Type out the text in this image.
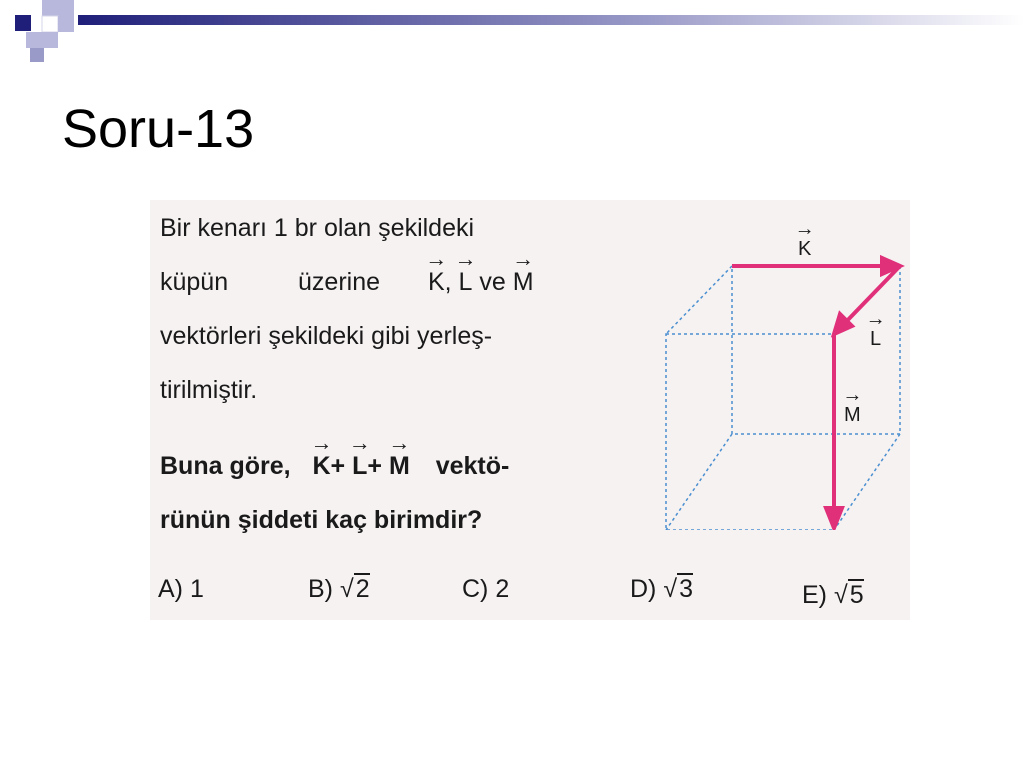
Soru-13
Bir kenarı 1 br olan şekildeki
küpün	üzerine → K, → L ve → M
vektörleri şekildeki gibi yerleş-
tirilmiştir.
Buna göre, → K+ → L+ → M vektö-
rünün şiddeti kaç birimdir?
A) 1	B) √2	C) 2	D) √3	E) √5
→ K
→ L
→ M
